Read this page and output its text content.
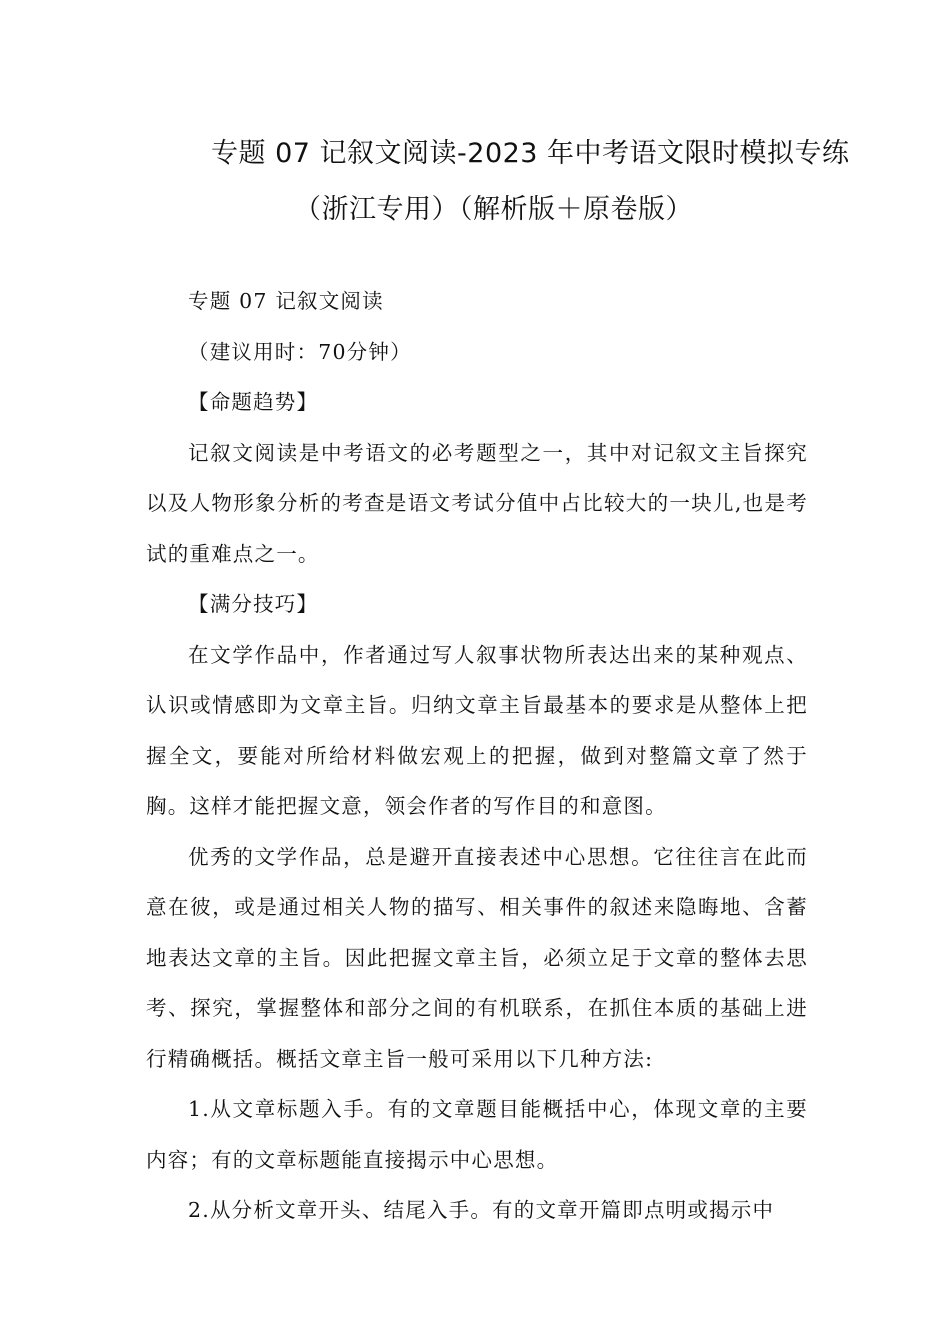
专题 07 记叙文阅读-2023 年中考语文限时模拟专练
（浙江专用）（解析版＋原卷版）

专题 07 记叙文阅读

（建议用时：70分钟）

【命题趋势】

记叙文阅读是中考语文的必考题型之一，其中对记叙文主旨探究以及人物形象分析的考查是语文考试分值中占比较大的一块儿,也是考试的重难点之一。

【满分技巧】

在文学作品中，作者通过写人叙事状物所表达出来的某种观点、认识或情感即为文章主旨。归纳文章主旨最基本的要求是从整体上把握全文，要能对所给材料做宏观上的把握，做到对整篇文章了然于胸。这样才能把握文意，领会作者的写作目的和意图。

优秀的文学作品，总是避开直接表述中心思想。它往往言在此而意在彼，或是通过相关人物的描写、相关事件的叙述来隐晦地、含蓄地表达文章的主旨。因此把握文章主旨，必须立足于文章的整体去思考、探究，掌握整体和部分之间的有机联系，在抓住本质的基础上进行精确概括。概括文章主旨一般可采用以下几种方法:

1.从文章标题入手。有的文章题目能概括中心，体现文章的主要内容；有的文章标题能直接揭示中心思想。

2.从分析文章开头、结尾入手。有的文章开篇即点明或揭示中
